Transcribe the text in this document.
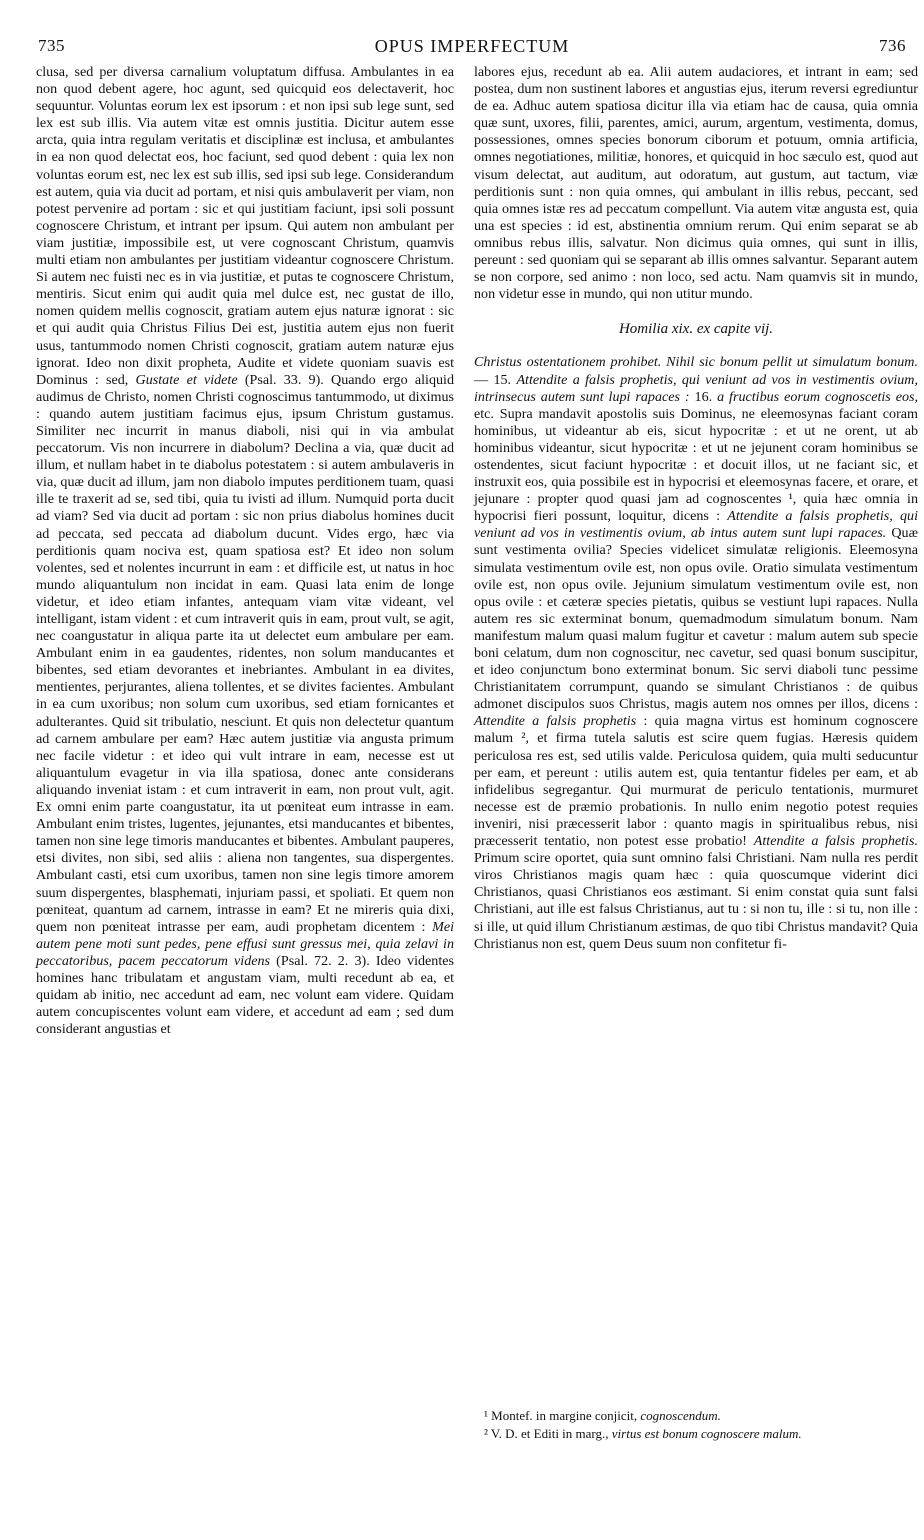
735	OPUS IMPERFECTUM	736

clusa, sed per diversa carnalium voluptatum diffusa. Ambulantes in ea non quod debent agere, hoc agunt, sed quicquid eos delectaverit, hoc sequuntur. Voluntas eorum lex est ipsorum : et non ipsi sub lege sunt, sed lex est sub illis. Via autem vitæ est omnis justitia. Dicitur autem esse arcta, quia intra regulam veritatis et disciplinæ est inclusa, et ambulantes in ea non quod delectat eos, hoc faciunt, sed quod debent : quia lex non voluntas eorum est, nec lex est sub illis, sed ipsi sub lege. Considerandum est autem, quia via ducit ad portam, et nisi quis ambulaverit per viam, non potest pervenire ad portam : sic et qui justitiam faciunt, ipsi soli possunt cognoscere Christum, et intrant per ipsum. Qui autem non ambulant per viam justitiæ, impossibile est, ut vere cognoscant Christum, quamvis multi etiam non ambulantes per justitiam videantur cognoscere Christum. Si autem nec fuisti nec es in via justitiæ, et putas te cognoscere Christum, mentiris. Sicut enim qui audit quia mel dulce est, nec gustat de illo, nomen quidem mellis cognoscit, gratiam autem ejus naturæ ignorat : sic et qui audit quia Christus Filius Dei est, justitia autem ejus non fuerit usus, tantummodo nomen Christi cognoscit, gratiam autem naturæ ejus ignorat. Ideo non dixit propheta, Audite et videte quoniam suavis est Dominus : sed, Gustate et videte (Psal. 33. 9). Quando ergo aliquid audimus de Christo, nomen Christi cognoscimus tantummodo, ut diximus : quando autem justitiam facimus ejus, ipsum Christum gustamus. Similiter nec incurrit in manus diaboli, nisi qui in via ambulat peccatorum. Vis non incurrere in diabolum? Declina a via, quæ ducit ad illum, et nullam habet in te diabolus potestatem : si autem ambulaveris in via, quæ ducit ad illum, jam non diabolo imputes perditionem tuam, quasi ille te traxerit ad se, sed tibi, quia tu ivisti ad illum. Numquid porta ducit ad viam? Sed via ducit ad portam : sic non prius diabolus homines ducit ad peccata, sed peccata ad diabolum ducunt. Vides ergo, hæc via perditionis quam nociva est, quam spatiosa est? Et ideo non solum volentes, sed et nolentes incurrunt in eam : et difficile est, ut natus in hoc mundo aliquantulum non incidat in eam. Quasi lata enim de longe videtur, et ideo etiam infantes, antequam viam vitæ videant, vel intelligant, istam vident : et cum intraverit quis in eam, prout vult, se agit, nec coangustatur in aliqua parte ita ut delectet eum ambulare per eam. Ambulant enim in ea gaudentes, ridentes, non solum manducantes et bibentes, sed etiam devorantes et inebriantes. Ambulant in ea divites, mentientes, perjurantes, aliena tollentes, et se divites facientes. Ambulant in ea cum uxoribus; non solum cum uxoribus, sed etiam fornicantes et adulterantes. Quid sit tribulatio, nesciunt. Et quis non delectetur quantum ad carnem ambulare per eam? Hæc autem justitiæ via angusta primum nec facile videtur : et ideo qui vult intrare in eam, necesse est ut aliquantulum evagetur in via illa spatiosa, donec ante considerans aliquando inveniat istam : et cum intraverit in eam, non prout vult, agit. Ex omni enim parte coangustatur, ita ut pœniteat eum intrasse in eam. Ambulant enim tristes, lugentes, jejunantes, etsi manducantes et bibentes, tamen non sine lege timoris manducantes et bibentes. Ambulant pauperes, etsi divites, non sibi, sed aliis : aliena non tangentes, sua dispergentes. Ambulant casti, etsi cum uxoribus, tamen non sine legis timore amorem suum dispergentes, blasphemati, injuriam passi, et spoliati. Et quem non pœniteat, quantum ad carnem, intrasse in eam? Et ne mireris quia dixi, quem non pœniteat intrasse per eam, audi prophetam dicentem : Mei autem pene moti sunt pedes, pene effusi sunt gressus mei, quia zelavi in peccatoribus, pacem peccatorum videns (Psal. 72. 2. 3). Ideo videntes homines hanc tribulatam et angustam viam, multi recedunt ab ea, et quidam ab initio, nec accedunt ad eam, nec volunt eam videre. Quidam autem concupiscentes volunt eam videre, et accedunt ad eam ; sed dum considerant angustias et

labores ejus, recedunt ab ea. Alii autem audaciores, et intrant in eam; sed postea, dum non sustinent labores et angustias ejus, iterum reversi egrediuntur de ea. Adhuc autem spatiosa dicitur illa via etiam hac de causa, quia omnia quæ sunt, uxores, filii, parentes, amici, aurum, argentum, vestimenta, domus, possessiones, omnes species bonorum ciborum et potuum, omnia artificia, omnes negotiationes, militiæ, honores, et quicquid in hoc sæculo est, quod aut visum delectat, aut auditum, aut odoratum, aut gustum, aut tactum, viæ perditionis sunt : non quia omnes, qui ambulant in illis rebus, peccant, sed quia omnes istæ res ad peccatum compellunt. Via autem vitæ angusta est, quia una est species : id est, abstinentia omnium rerum. Qui enim separat se ab omnibus rebus illis, salvatur. Non dicimus quia omnes, qui sunt in illis, pereunt : sed quoniam qui se separant ab illis omnes salvantur. Separant autem se non corpore, sed animo : non loco, sed actu. Nam quamvis sit in mundo, non videtur esse in mundo, qui non utitur mundo.

Homilia xix. ex capite vij.

Christus ostentationem prohibet. Nihil sic bonum pellit ut simulatum bonum.— 15. Attendite a falsis prophetis, qui veniunt ad vos in vestimentis ovium, intrinsecus autem sunt lupi rapaces : 16. a fructibus eorum cognoscetis eos, etc. Supra mandavit apostolis suis Dominus, ne eleemosynas faciant coram hominibus, ut videantur ab eis, sicut hypocritæ : et ut ne orent, ut ab hominibus videantur, sicut hypocritæ : et ut ne jejunent coram hominibus se ostendentes, sicut faciunt hypocritæ : et docuit illos, ut ne faciant sic, et instruxit eos, quia possibile est in hypocrisi et eleemosynas facere, et orare, et jejunare : propter quod quasi jam ad cognoscentes ¹, quia hæc omnia in hypocrisi fieri possunt, loquitur, dicens : Attendite a falsis prophetis, qui veniunt ad vos in vestimentis ovium, ab intus autem sunt lupi rapaces. Quæ sunt vestimenta ovilia? Species videlicet simulatæ religionis. Eleemosyna simulata vestimentum ovile est, non opus ovile. Oratio simulata vestimentum ovile est, non opus ovile. Jejunium simulatum vestimentum ovile est, non opus ovile : et cæteræ species pietatis, quibus se vestiunt lupi rapaces. Nulla autem res sic exterminat bonum, quemadmodum simulatum bonum. Nam manifestum malum quasi malum fugitur et cavetur : malum autem sub specie boni celatum, dum non cognoscitur, nec cavetur, sed quasi bonum suscipitur, et ideo conjunctum bono exterminat bonum. Sic servi diaboli tunc pessime Christianitatem corrumpunt, quando se simulant Christianos : de quibus admonet discipulos suos Christus, magis autem nos omnes per illos, dicens : Attendite a falsis prophetis : quia magna virtus est hominum cognoscere malum ², et firma tutela salutis est scire quem fugias. Hæresis quidem periculosa res est, sed utilis valde. Periculosa quidem, quia multi seducuntur per eam, et pereunt : utilis autem est, quia tentantur fideles per eam, et ab infidelibus segregantur. Qui murmurat de periculo tentationis, murmuret necesse est de præmio probationis. In nullo enim negotio potest requies inveniri, nisi præcesserit labor : quanto magis in spiritualibus rebus, nisi præcesserit tentatio, non potest esse probatio! Attendite a falsis prophetis. Primum scire oportet, quia sunt omnino falsi Christiani. Nam nulla res perdit viros Christianos magis quam hæc : quia quoscumque viderint dici Christianos, quasi Christianos eos æstimant. Si enim constat quia sunt falsi Christiani, aut ille est falsus Christianus, aut tu : si non tu, ille : si tu, non ille : si ille, ut quid illum Christianum æstimas, de quo tibi Christus mandavit? Quia Christianus non est, quem Deus suum non confitetur fi-

¹ Montef. in margine conjicit, cognoscendum.

² V. D. et Editi in marg., virtus est bonum cognoscere malum.
